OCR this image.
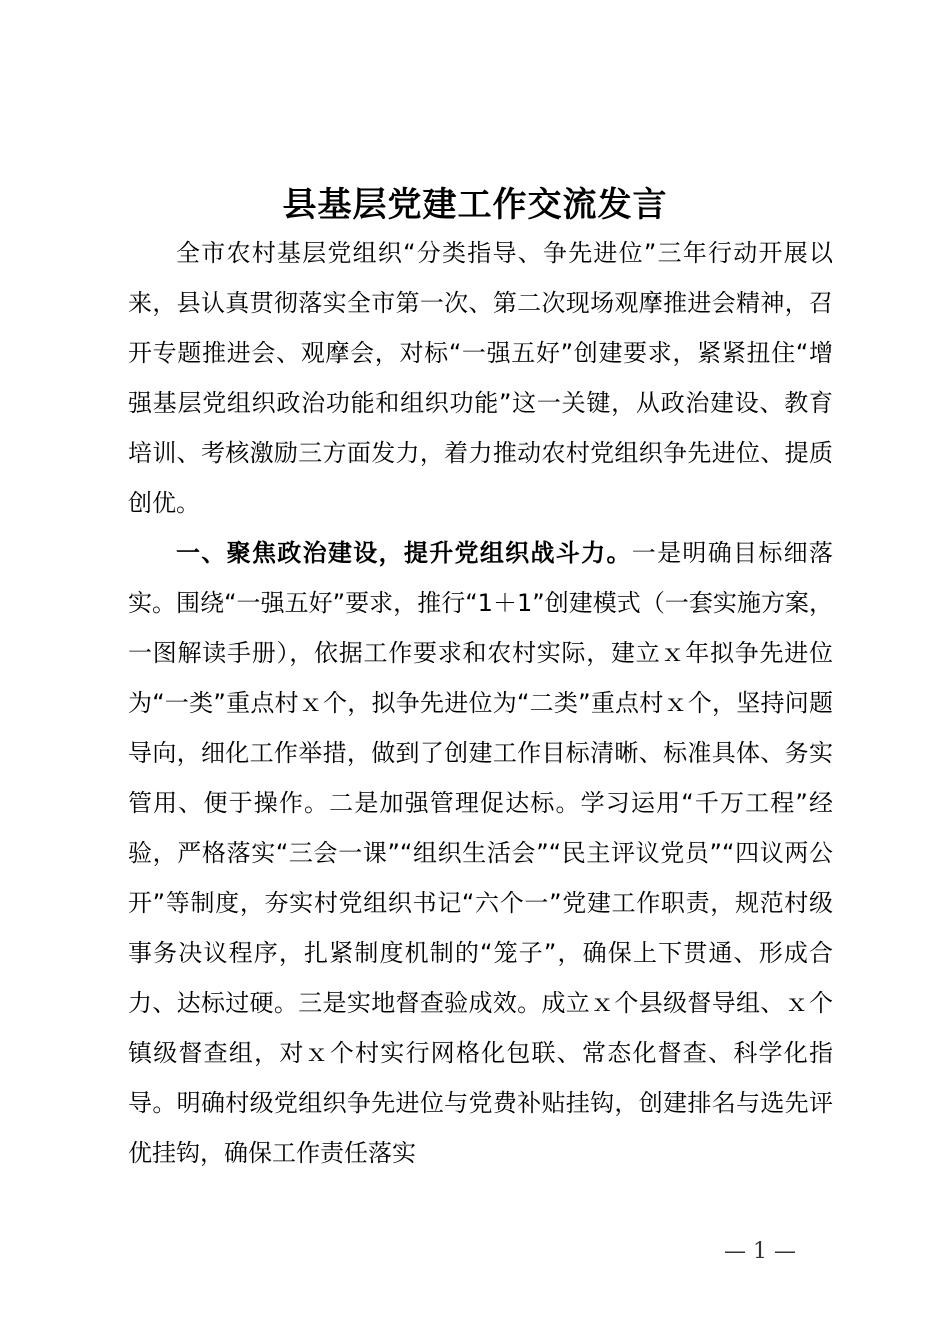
县基层党建工作交流发言

全市农村基层党组织“分类指导、争先进位”三年行动开展以来，县认真贯彻落实全市第一次、第二次现场观摩推进会精神，召开专题推进会、观摩会，对标“一强五好”创建要求，紧紧扭住“增强基层党组织政治功能和组织功能”这一关键，从政治建设、教育培训、考核激励三方面发力，着力推动农村党组织争先进位、提质创优。

一、聚焦政治建设，提升党组织战斗力。一是明确目标细落实。围绕“一强五好”要求，推行“1＋1”创建模式（一套实施方案，一图解读手册），依据工作要求和农村实际，建立ｘ年拟争先进位为“一类”重点村ｘ个，拟争先进位为“二类”重点村ｘ个，坚持问题导向，细化工作举措，做到了创建工作目标清晰、标准具体、务实管用、便于操作。二是加强管理促达标。学习运用“千万工程”经验，严格落实“三会一课”“组织生活会”“民主评议党员”“四议两公开”等制度，夯实村党组织书记“六个一”党建工作职责，规范村级事务决议程序，扎紧制度机制的“笼子”，确保上下贯通、形成合力、达标过硬。三是实地督查验成效。成立ｘ个县级督导组、ｘ个镇级督查组，对ｘ个村实行网格化包联、常态化督查、科学化指导。明确村级党组织争先进位与党费补贴挂钩，创建排名与选先评优挂钩，确保工作责任落实

— 1 —
